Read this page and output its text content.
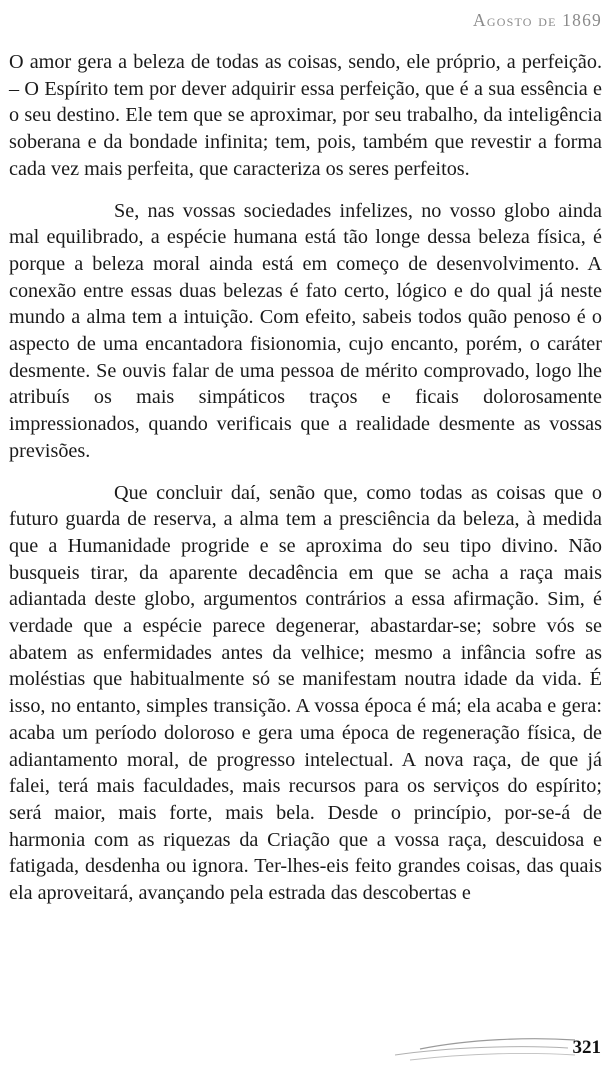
Agosto de 1869

O amor gera a beleza de todas as coisas, sendo, ele próprio, a perfeição. – O Espírito tem por dever adquirir essa perfeição, que é a sua essência e o seu destino. Ele tem que se aproximar, por seu trabalho, da inteligência soberana e da bondade infinita; tem, pois, também que revestir a forma cada vez mais perfeita, que caracteriza os seres perfeitos.

Se, nas vossas sociedades infelizes, no vosso globo ainda mal equilibrado, a espécie humana está tão longe dessa beleza física, é porque a beleza moral ainda está em começo de desenvolvimento. A conexão entre essas duas belezas é fato certo, lógico e do qual já neste mundo a alma tem a intuição. Com efeito, sabeis todos quão penoso é o aspecto de uma encantadora fisionomia, cujo encanto, porém, o caráter desmente. Se ouvis falar de uma pessoa de mérito comprovado, logo lhe atribuís os mais simpáticos traços e ficais dolorosamente impressionados, quando verificais que a realidade desmente as vossas previsões.

Que concluir daí, senão que, como todas as coisas que o futuro guarda de reserva, a alma tem a presciência da beleza, à medida que a Humanidade progride e se aproxima do seu tipo divino. Não busqueis tirar, da aparente decadência em que se acha a raça mais adiantada deste globo, argumentos contrários a essa afirmação. Sim, é verdade que a espécie parece degenerar, abastardar-se; sobre vós se abatem as enfermidades antes da velhice; mesmo a infância sofre as moléstias que habitualmente só se manifestam noutra idade da vida. É isso, no entanto, simples transição. A vossa época é má; ela acaba e gera: acaba um período doloroso e gera uma época de regeneração física, de adiantamento moral, de progresso intelectual. A nova raça, de que já falei, terá mais faculdades, mais recursos para os serviços do espírito; será maior, mais forte, mais bela. Desde o princípio, por-se-á de harmonia com as riquezas da Criação que a vossa raça, descuidosa e fatigada, desdenha ou ignora. Ter-lhes-eis feito grandes coisas, das quais ela aproveitará, avançando pela estrada das descobertas e

321
